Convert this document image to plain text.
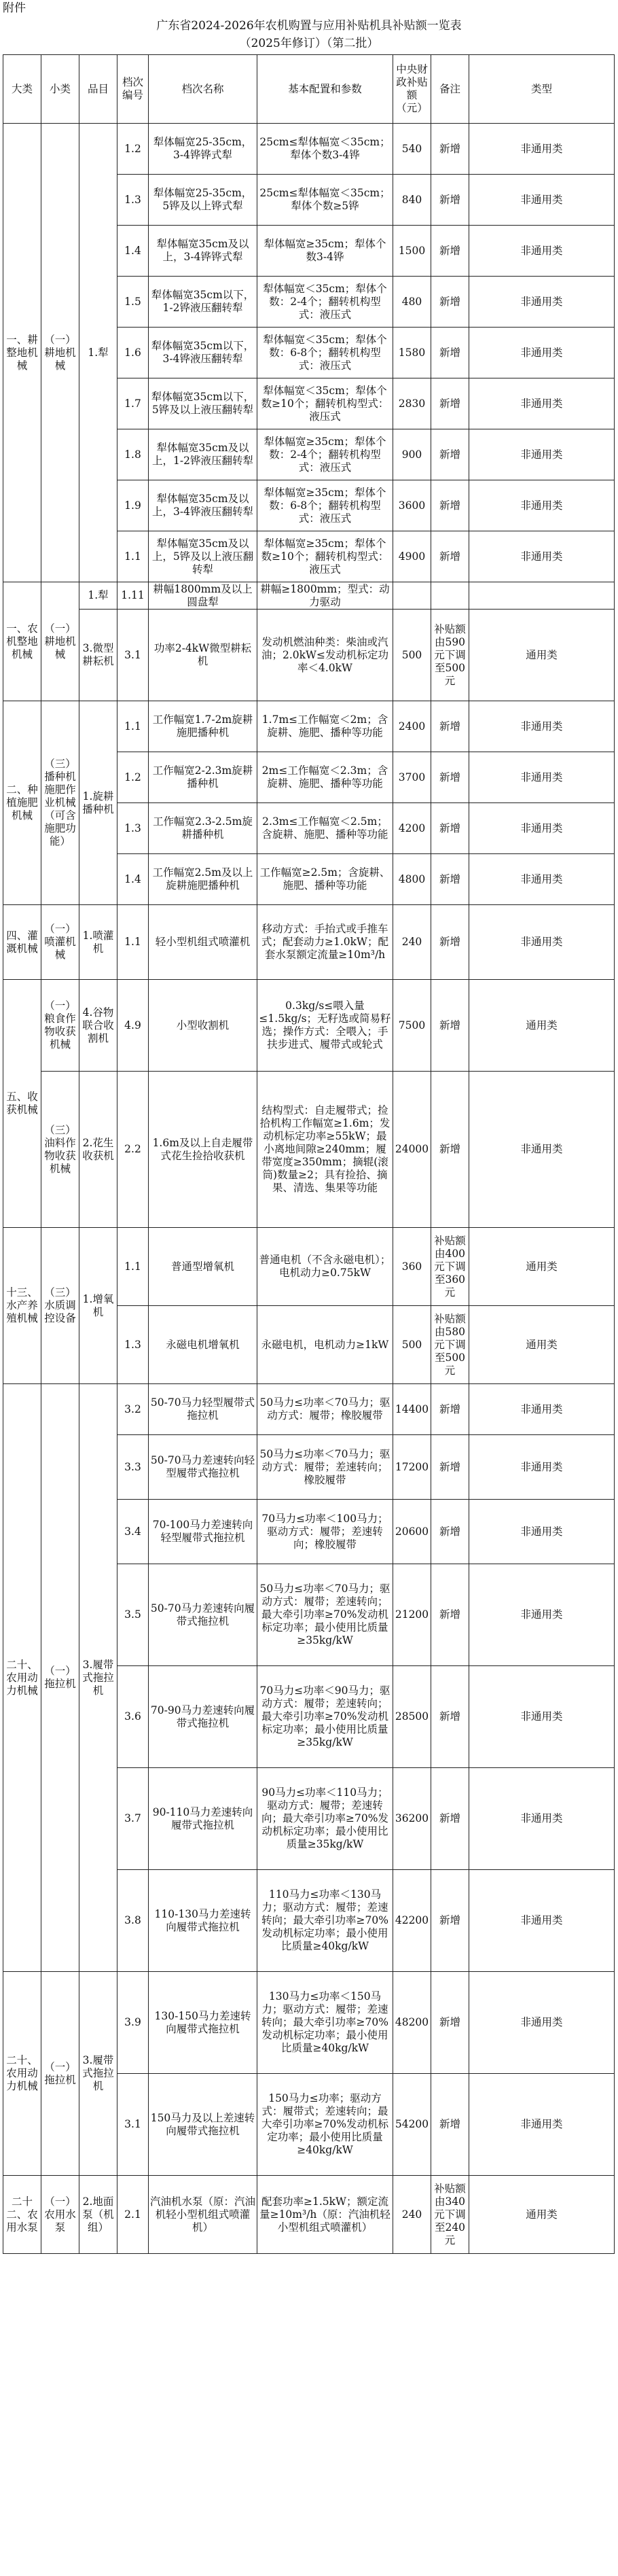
附件
广东省2024-2026年农机购置与应用补贴机具补贴额一览表
（2025年修订）（第二批）
大类	小类	品目	档次编号	档次名称	基本配置和参数	中央财政补贴额（元）	备注	类型
一、耕整地机械	（一）耕地机械	1.犁	1.2	犁体幅宽25-35cm，3-4铧铧式犁	25cm≤犁体幅宽＜35cm；犁体个数3-4铧	540	新增	非通用类
			1.3	犁体幅宽25-35cm，5铧及以上铧式犁	25cm≤犁体幅宽＜35cm；犁体个数≥5铧	840	新增	非通用类
			1.4	犁体幅宽35cm及以上，3-4铧铧式犁	犁体幅宽≥35cm；犁体个数3-4铧	1500	新增	非通用类
			1.5	犁体幅宽35cm以下，1-2铧液压翻转犁	犁体幅宽＜35cm；犁体个数：2-4个；翻转机构型式：液压式	480	新增	非通用类
			1.6	犁体幅宽35cm以下，3-4铧液压翻转犁	犁体幅宽＜35cm；犁体个数：6-8个；翻转机构型式：液压式	1580	新增	非通用类
			1.7	犁体幅宽35cm以下，5铧及以上液压翻转犁	犁体幅宽＜35cm；犁体个数≥10个；翻转机构型式：液压式	2830	新增	非通用类
			1.8	犁体幅宽35cm及以上，1-2铧液压翻转犁	犁体幅宽≥35cm；犁体个数：2-4个；翻转机构型式：液压式	900	新增	非通用类
			1.9	犁体幅宽35cm及以上，3-4铧液压翻转犁	犁体幅宽≥35cm；犁体个数：6-8个；翻转机构型式：液压式	3600	新增	非通用类
			1.1	犁体幅宽35cm及以上，5铧及以上液压翻转犁	犁体幅宽≥35cm；犁体个数≥10个；翻转机构型式：液压式	4900	新增	非通用类
一、农机整地机械	（一）耕地机械	1.犁	1.11	耕幅1800mm及以上圆盘犁	耕幅≥1800mm；型式：动力驱动			
		3.微型耕耘机	3.1	功率2-4kW微型耕耘机	发动机燃油种类：柴油或汽油；2.0kW≤发动机标定功率＜4.0kW	500	补贴额由590元下调至500元	通用类
二、种植施肥机械	（三）播种机施肥作业机械（可含施肥功能）	1.旋耕播种机	1.1	工作幅宽1.7-2m旋耕施肥播种机	1.7m≤工作幅宽＜2m；含旋耕、施肥、播种等功能	2400	新增	非通用类
			1.2	工作幅宽2-2.3m旋耕播种机	2m≤工作幅宽＜2.3m；含旋耕、施肥、播种等功能	3700	新增	非通用类
			1.3	工作幅宽2.3-2.5m旋耕播种机	2.3m≤工作幅宽＜2.5m；含旋耕、施肥、播种等功能	4200	新增	非通用类
			1.4	工作幅宽2.5m及以上旋耕施肥播种机	工作幅宽≥2.5m；含旋耕、施肥、播种等功能	4800	新增	非通用类
四、灌溉机械	（一）喷灌机械	1.喷灌机	1.1	轻小型机组式喷灌机	移动方式：手抬式或手推车式；配套动力≥1.0kW；配套水泵额定流量≥10m³/h	240	新增	非通用类
五、收获机械	（一）粮食作物收获机械	4.谷物联合收割机	4.9	小型收割机	0.3kg/s≤喂入量≤1.5kg/s；无籽选或简易籽选；操作方式：全喂入；手扶步进式、履带式或轮式	7500	新增	通用类
	（三）油料作物收获机械	2.花生收获机	2.2	1.6m及以上自走履带式花生捡拾收获机	结构型式：自走履带式；捡拾机构工作幅宽≥1.6m；发动机标定功率≥55kW；最小离地间隙≥240mm；履带宽度≥350mm；摘辊(滚筒)数量≥2；具有捡拾、摘果、清选、集果等功能	24000	新增	非通用类
十三、水产养殖机械	（三）水质调控设备	1.增氧机	1.1	普通型增氧机	普通电机（不含永磁电机）；电机动力≥0.75kW	360	补贴额由400元下调至360元	通用类
			1.3	永磁电机增氧机	永磁电机，电机动力≥1kW	500	补贴额由580元下调至500元	通用类
二十、农用动力机械	（一）拖拉机	3.履带式拖拉机	3.2	50-70马力轻型履带式拖拉机	50马力≤功率＜70马力；驱动方式：履带；橡胶履带	14400	新增	非通用类
			3.3	50-70马力差速转向轻型履带式拖拉机	50马力≤功率＜70马力；驱动方式：履带；差速转向；橡胶履带	17200	新增	非通用类
			3.4	70-100马力差速转向轻型履带式拖拉机	70马力≤功率＜100马力；驱动方式：履带；差速转向；橡胶履带	20600	新增	非通用类
			3.5	50-70马力差速转向履带式拖拉机	50马力≤功率＜70马力；驱动方式：履带；差速转向；最大牵引功率≥70%发动机标定功率；最小使用比质量≥35kg/kW	21200	新增	非通用类
			3.6	70-90马力差速转向履带式拖拉机	70马力≤功率＜90马力；驱动方式：履带；差速转向；最大牵引功率≥70%发动机标定功率；最小使用比质量≥35kg/kW	28500	新增	非通用类
			3.7	90-110马力差速转向履带式拖拉机	90马力≤功率＜110马力；驱动方式：履带；差速转向；最大牵引功率≥70%发动机标定功率；最小使用比质量≥35kg/kW	36200	新增	非通用类
			3.8	110-130马力差速转向履带式拖拉机	110马力≤功率＜130马力；驱动方式：履带；差速转向；最大牵引功率≥70%发动机标定功率；最小使用比质量≥40kg/kW	42200	新增	非通用类
二十、农用动力机械	（一）拖拉机	3.履带式拖拉机	3.9	130-150马力差速转向履带式拖拉机	130马力≤功率＜150马力；驱动方式：履带；差速转向；最大牵引功率≥70%发动机标定功率；最小使用比质量≥40kg/kW	48200	新增	非通用类
			3.1	150马力及以上差速转向履带式拖拉机	150马力≤功率；驱动方式：履带式；差速转向；最大牵引功率≥70%发动机标定功率；最小使用比质量≥40kg/kW	54200	新增	非通用类
二十二、农用水泵	（一）农用水泵	2.地面泵（机组）	2.1	汽油机水泵（原：汽油机轻小型机组式喷灌机）	配套功率≥1.5kW；额定流量≥10m³/h（原：汽油机轻小型机组式喷灌机）	240	补贴额由340元下调至240元	通用类
